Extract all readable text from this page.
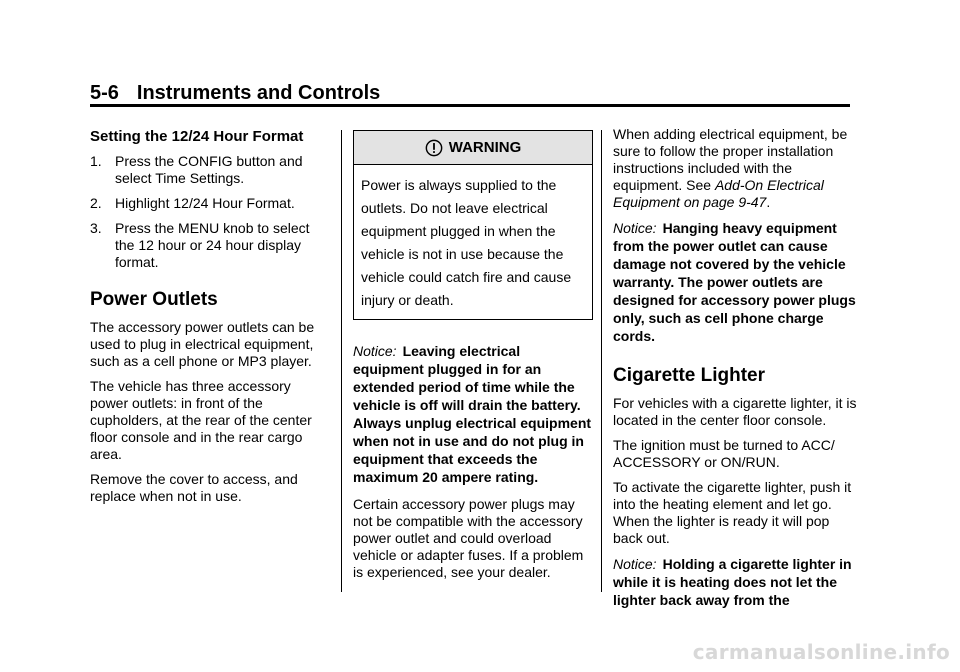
5-6 Instruments and Controls
Setting the 12/24 Hour Format
1. Press the CONFIG button and select Time Settings.
2. Highlight 12/24 Hour Format.
3. Press the MENU knob to select the 12 hour or 24 hour display format.
Power Outlets

The accessory power outlets can be used to plug in electrical equipment, such as a cell phone or MP3 player.

The vehicle has three accessory power outlets: in front of the cupholders, at the rear of the center floor console and in the rear cargo area.

Remove the cover to access, and replace when not in use.

WARNING
Power is always supplied to the outlets. Do not leave electrical equipment plugged in when the vehicle is not in use because the vehicle could catch fire and cause injury or death.

Notice: Leaving electrical equipment plugged in for an extended period of time while the vehicle is off will drain the battery. Always unplug electrical equipment when not in use and do not plug in equipment that exceeds the maximum 20 ampere rating.

Certain accessory power plugs may not be compatible with the accessory power outlet and could overload vehicle or adapter fuses. If a problem is experienced, see your dealer.

When adding electrical equipment, be sure to follow the proper installation instructions included with the equipment. See Add-On Electrical Equipment on page 9-47.

Notice: Hanging heavy equipment from the power outlet can cause damage not covered by the vehicle warranty. The power outlets are designed for accessory power plugs only, such as cell phone charge cords.

Cigarette Lighter

For vehicles with a cigarette lighter, it is located in the center floor console.

The ignition must be turned to ACC/ ACCESSORY or ON/RUN.

To activate the cigarette lighter, push it into the heating element and let go. When the lighter is ready it will pop back out.

Notice: Holding a cigarette lighter in while it is heating does not let the lighter back away from the

carmanualsonline.info
